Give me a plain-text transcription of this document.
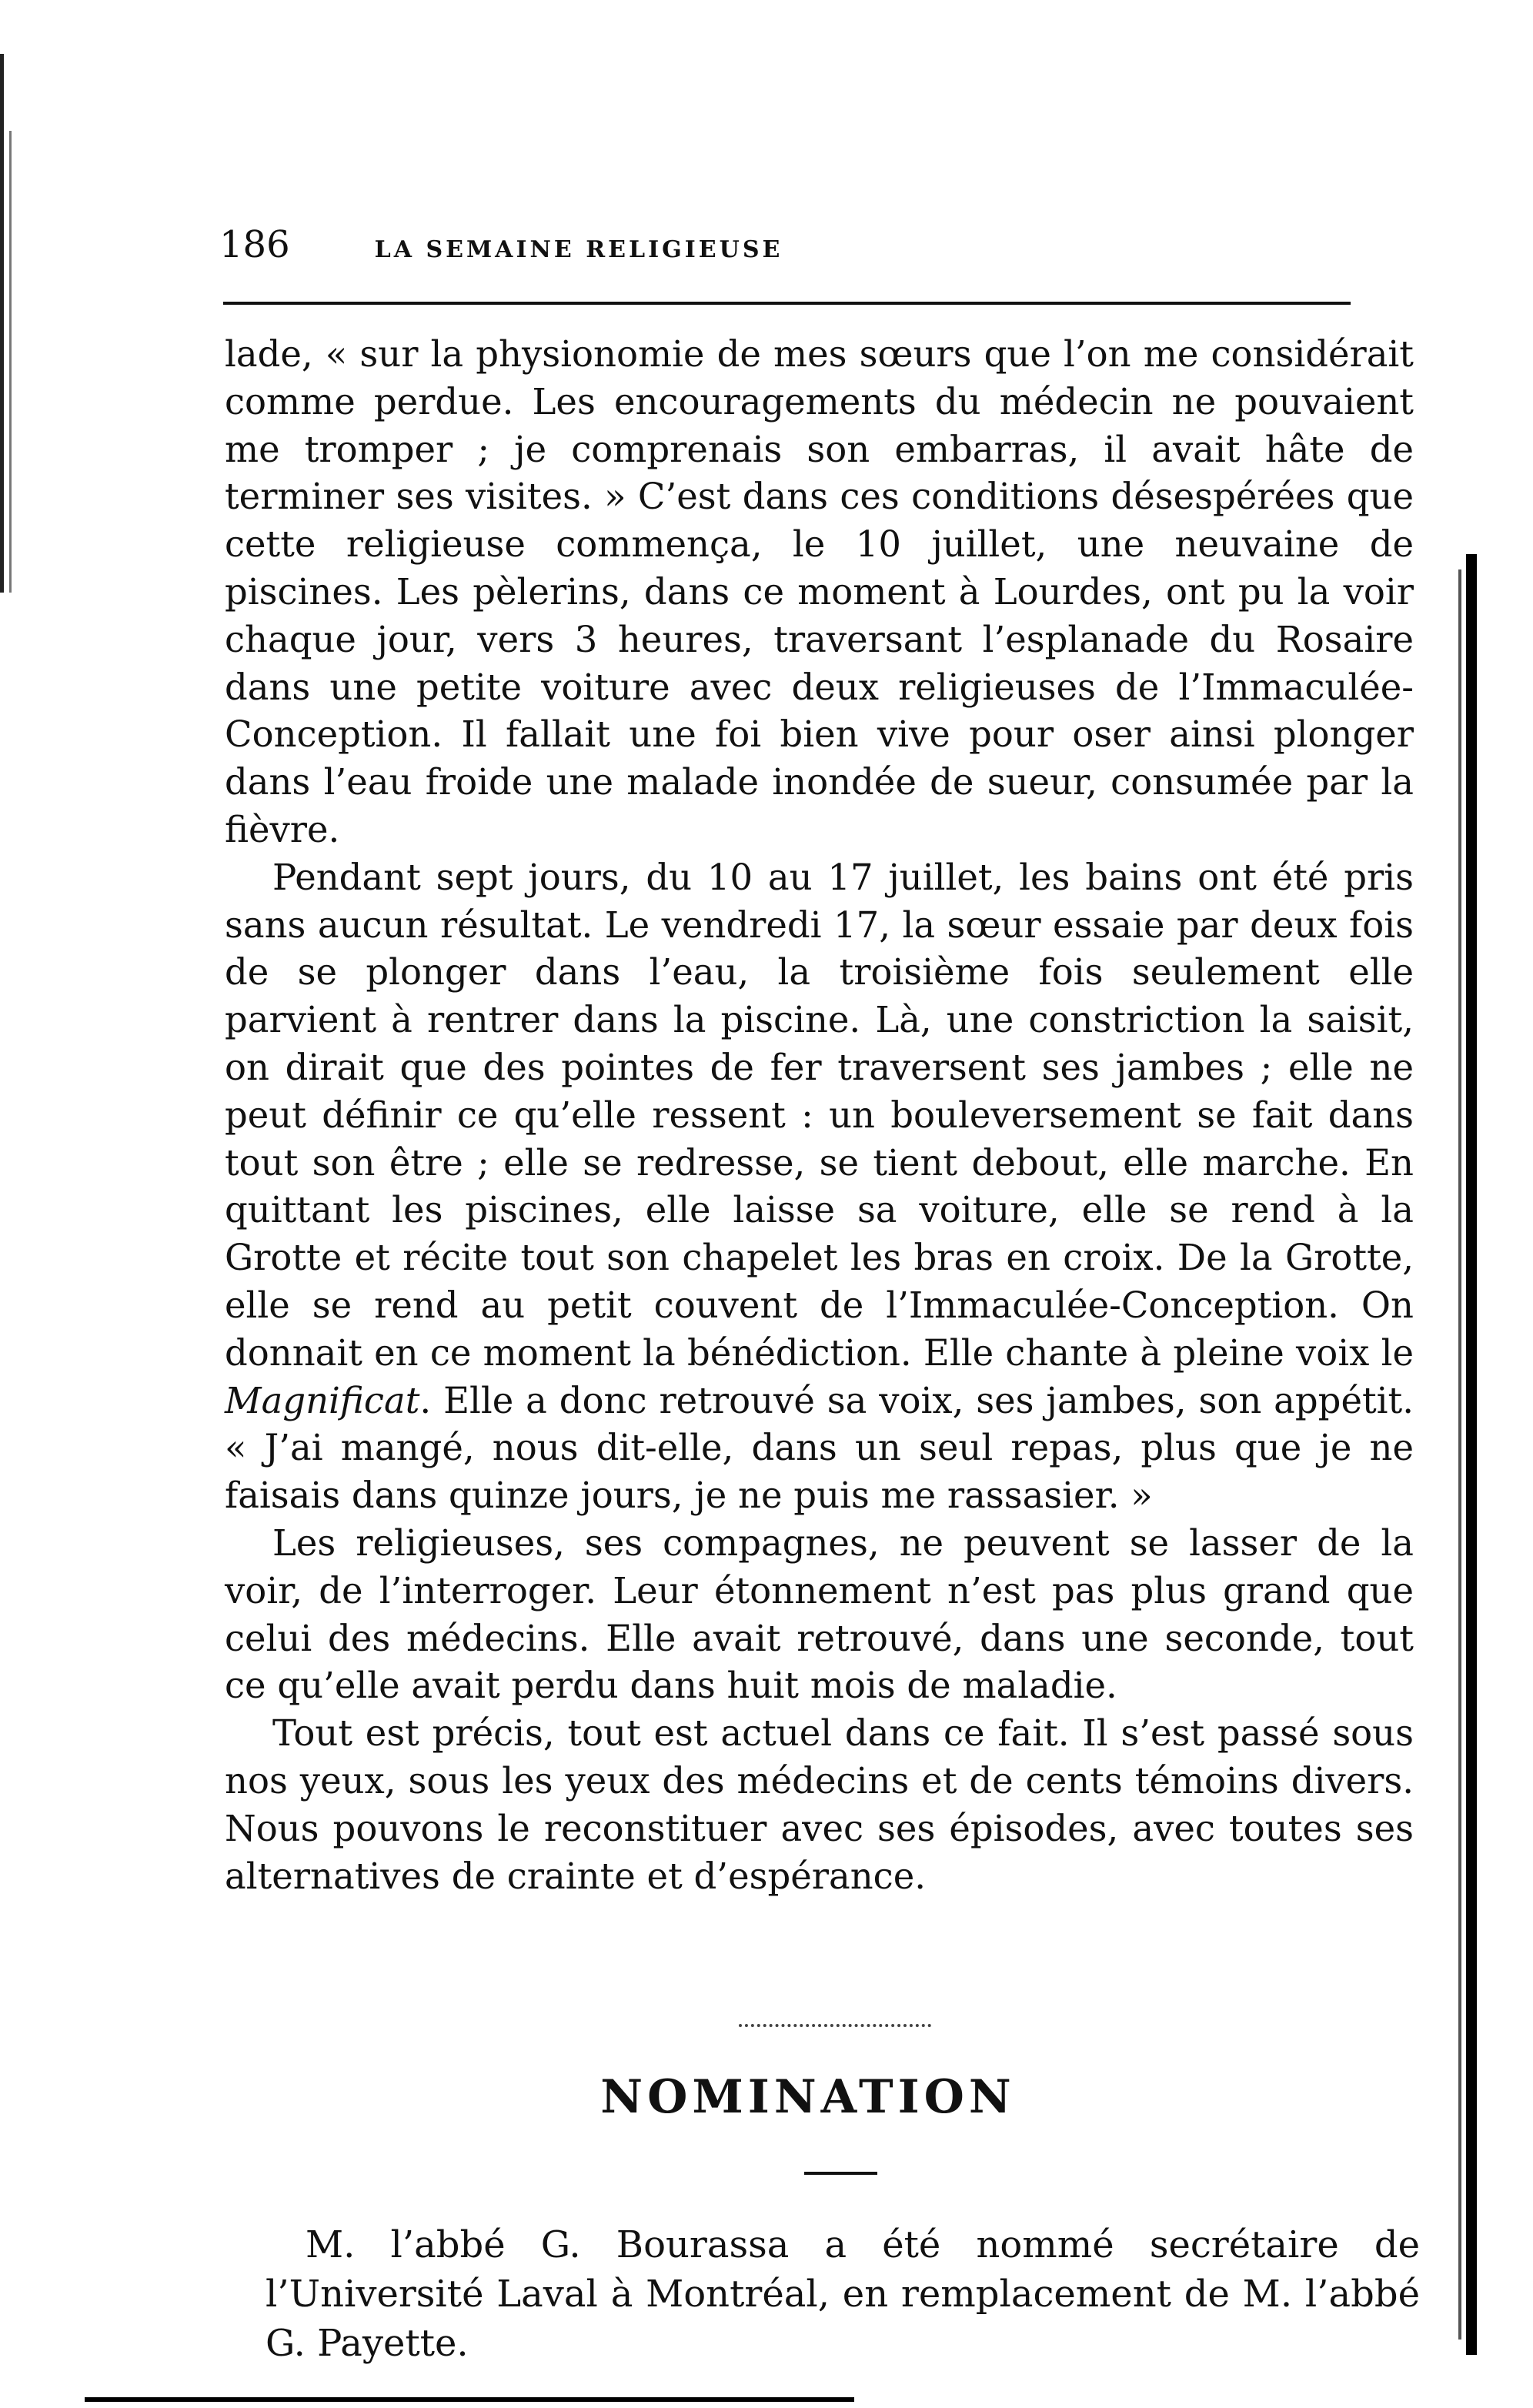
186	LA SEMAINE RELIGIEUSE

lade, « sur la physionomie de mes sœurs que l’on me considérait comme perdue. Les encouragements du médecin ne pouvaient me tromper ; je comprenais son embarras, il avait hâte de terminer ses visites. » C’est dans ces conditions désespérées que cette religieuse commença, le 10 juillet, une neuvaine de piscines. Les pèlerins, dans ce moment à Lourdes, ont pu la voir chaque jour, vers 3 heures, traversant l’esplanade du Rosaire dans une petite voiture avec deux religieuses de l’Immaculée-Conception. Il fallait une foi bien vive pour oser ainsi plonger dans l’eau froide une malade inondée de sueur, consumée par la fièvre.

Pendant sept jours, du 10 au 17 juillet, les bains ont été pris sans aucun résultat. Le vendredi 17, la sœur essaie par deux fois de se plonger dans l’eau, la troisième fois seulement elle parvient à rentrer dans la piscine. Là, une constriction la saisit, on dirait que des pointes de fer traversent ses jambes ; elle ne peut définir ce qu’elle ressent : un bouleversement se fait dans tout son être ; elle se redresse, se tient debout, elle marche. En quittant les piscines, elle laisse sa voiture, elle se rend à la Grotte et récite tout son chapelet les bras en croix. De la Grotte, elle se rend au petit couvent de l’Immaculée-Conception. On donnait en ce moment la bénédiction. Elle chante à pleine voix le Magnificat. Elle a donc retrouvé sa voix, ses jambes, son appétit. « J’ai mangé, nous dit-elle, dans un seul repas, plus que je ne faisais dans quinze jours, je ne puis me rassasier. »

Les religieuses, ses compagnes, ne peuvent se lasser de la voir, de l’interroger. Leur étonnement n’est pas plus grand que celui des médecins. Elle avait retrouvé, dans une seconde, tout ce qu’elle avait perdu dans huit mois de maladie.

Tout est précis, tout est actuel dans ce fait. Il s’est passé sous nos yeux, sous les yeux des médecins et de cents témoins divers. Nous pouvons le reconstituer avec ses épisodes, avec toutes ses alternatives de crainte et d’espérance.

NOMINATION

M. l’abbé G. Bourassa a été nommé secrétaire de l’Université Laval à Montréal, en remplacement de M. l’abbé G. Payette.
